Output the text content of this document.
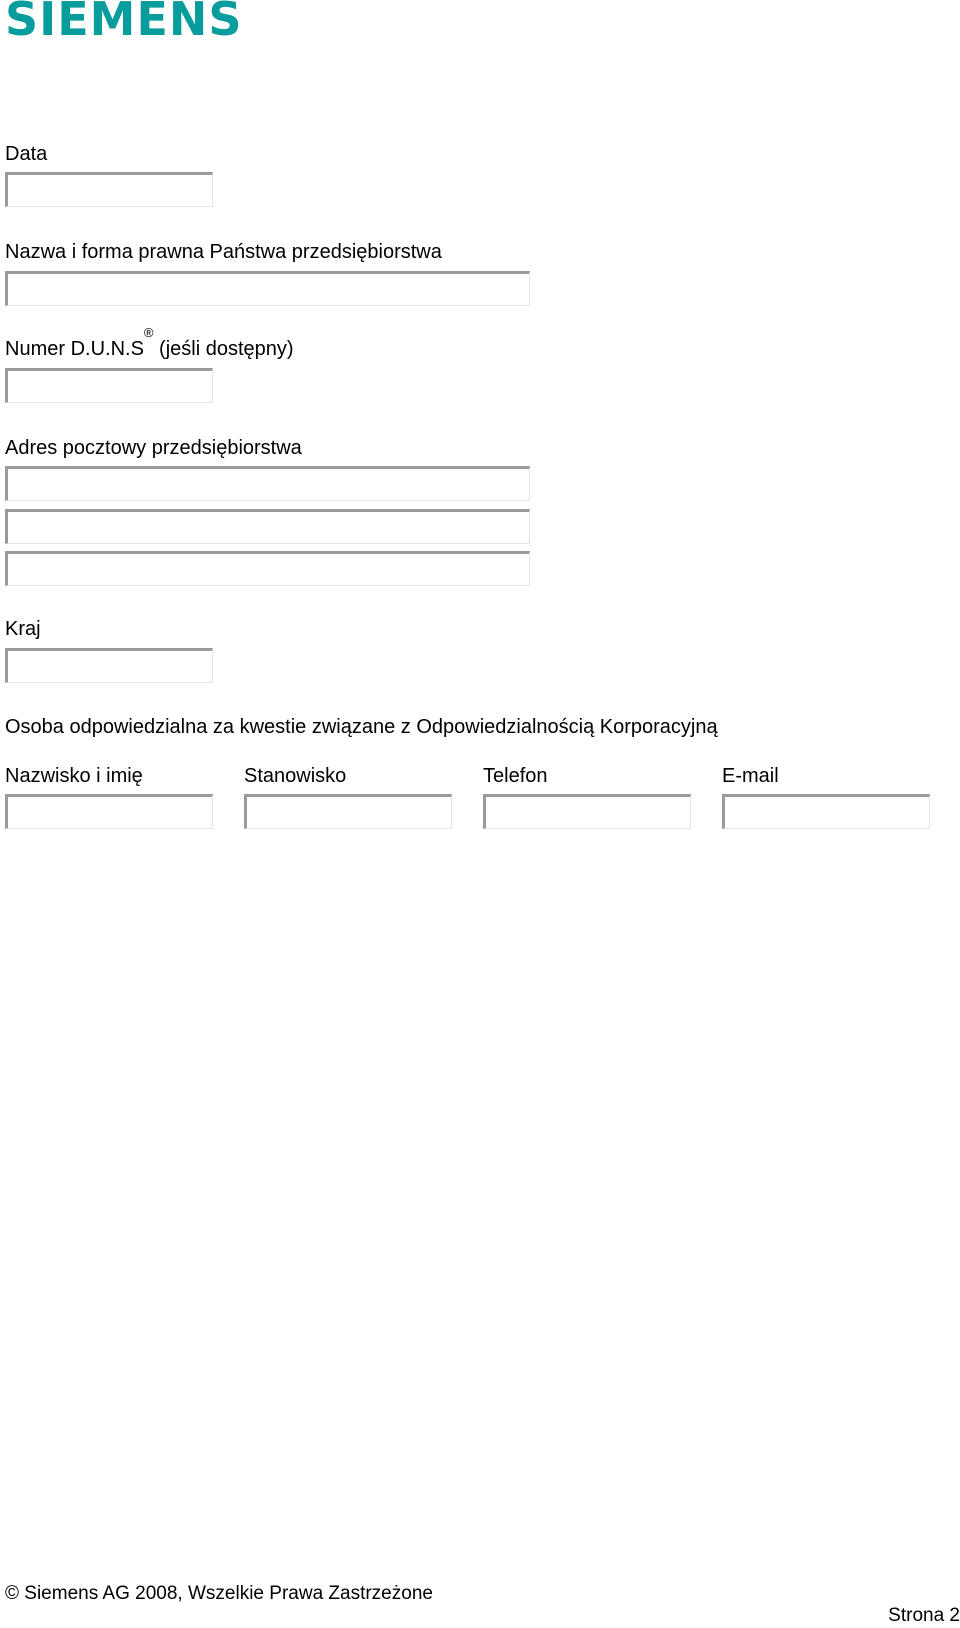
SIEMENS
Data
Nazwa i forma prawna Państwa przedsiębiorstwa
Numer D.U.N.S® (jeśli dostępny)
Adres pocztowy przedsiębiorstwa
Kraj
Osoba odpowiedzialna za kwestie związane z Odpowiedzialnością Korporacyjną
Nazwisko i imię	Stanowisko	Telefon	E-mail
© Siemens AG 2008, Wszelkie Prawa Zastrzeżone
Strona 2
